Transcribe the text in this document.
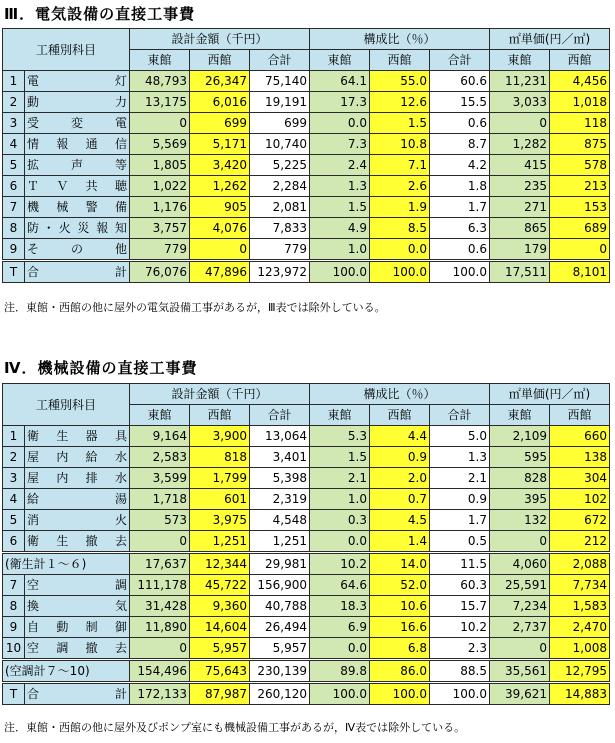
Ⅲ．電気設備の直接工事費
工種別科目		設計金額（千円）			構成比（％）			㎡単価(円／㎡)	
		東館	西館	合計	東館	西館	合計	東館	西館
1	電灯	48,793	26,347	75,140	64.1	55.0	60.6	11,231	4,456
2	動力	13,175	6,016	19,191	17.3	12.6	15.5	3,033	1,018
3	受変電	0	699	699	0.0	1.5	0.6	0	118
4	情報通信	5,569	5,171	10,740	7.3	10.8	8.7	1,282	875
5	拡声等	1,805	3,420	5,225	2.4	7.1	4.2	415	578
6	ＴＶ共聴	1,022	1,262	2,284	1.3	2.6	1.8	235	213
7	機械警備	1,176	905	2,081	1.5	1.9	1.7	271	153
8	防･火災報知	3,757	4,076	7,833	4.9	8.5	6.3	865	689
9	その他	779	0	779	1.0	0.0	0.6	179	0
T	合計	76,076	47,896	123,972	100.0	100.0	100.0	17,511	8,101
注．東館・西館の他に屋外の電気設備工事があるが，Ⅲ表では除外している。
Ⅳ．機械設備の直接工事費
工種別科目		設計金額（千円）			構成比（％）			㎡単価(円／㎡)	
		東館	西館	合計	東館	西館	合計	東館	西館
1	衛生器具	9,164	3,900	13,064	5.3	4.4	5.0	2,109	660
2	屋内給水	2,583	818	3,401	1.5	0.9	1.3	595	138
3	屋内排水	3,599	1,799	5,398	2.1	2.0	2.1	828	304
4	給湯	1,718	601	2,319	1.0	0.7	0.9	395	102
5	消火	573	3,975	4,548	0.3	4.5	1.7	132	672
6	衛生撤去	0	1,251	1,251	0.0	1.4	0.5	0	212
(衛生計１～６)		17,637	12,344	29,981	10.2	14.0	11.5	4,060	2,088
7	空調	111,178	45,722	156,900	64.6	52.0	60.3	25,591	7,734
8	換気	31,428	9,360	40,788	18.3	10.6	15.7	7,234	1,583
9	自動制御	11,890	14,604	26,494	6.9	16.6	10.2	2,737	2,470
10	空調撤去	0	5,957	5,957	0.0	6.8	2.3	0	1,008
(空調計７～10)		154,496	75,643	230,139	89.8	86.0	88.5	35,561	12,795
T	合計	172,133	87,987	260,120	100.0	100.0	100.0	39,621	14,883
注．東館・西館の他に屋外及びポンプ室にも機械設備工事があるが，Ⅳ表では除外している。
